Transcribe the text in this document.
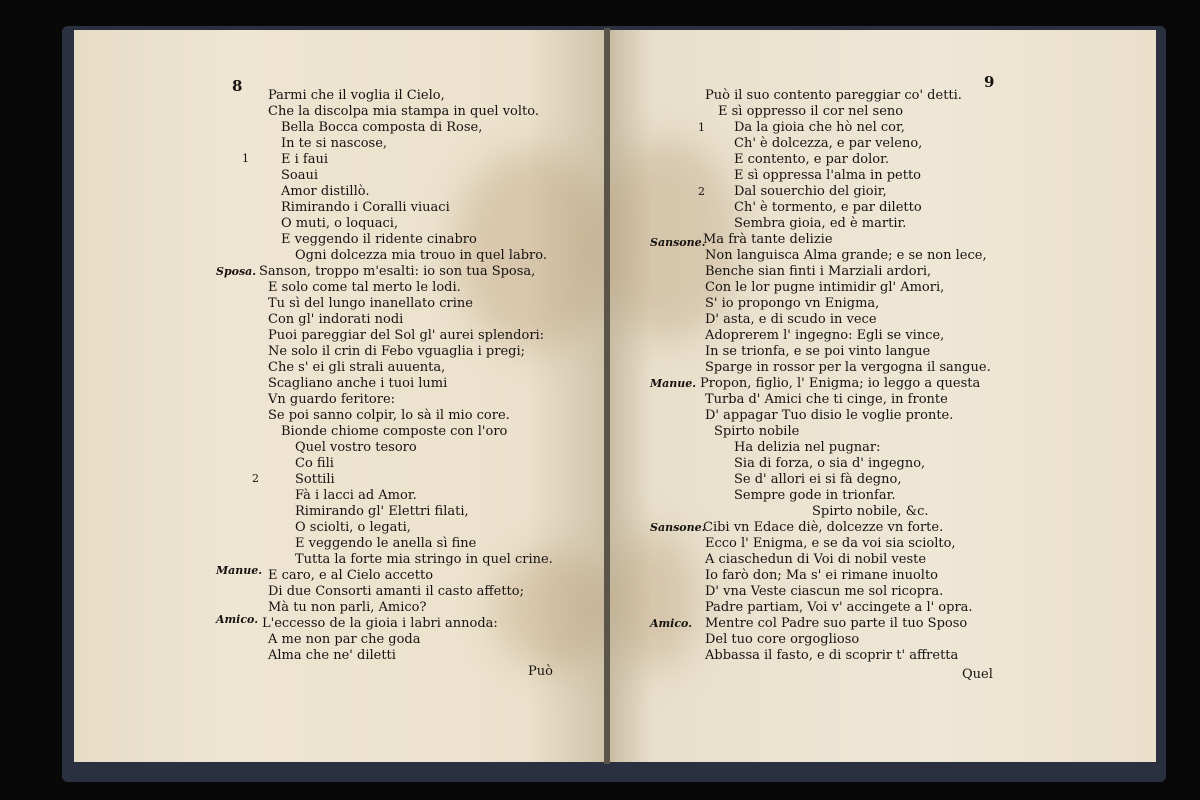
8	9
Può	Quel
Sposa.
Manue.
Amico.
1
2
Sansone.
Manue.
Sansone.
Amico.
1
2
Parmi che il voglia il Cielo,
Che la discolpa mia stampa in quel volto.
Bella Bocca composta di Rose,
In te si nascose,
E i faui
Soaui
Amor distillò.
Rimirando i Coralli viuaci
O muti, o loquaci,
E veggendo il ridente cinabro
Ogni dolcezza mia trouo in quel labro.
Sanson, troppo m'esalti: io son tua Sposa,
E solo come tal merto le lodi.
Tu sì del lungo inanellato crine
Con gl' indorati nodi
Puoi pareggiar del Sol gl' aurei splendori:
Ne solo il crin di Febo vguaglia i pregi;
Che s' ei gli strali auuenta,
Scagliano anche i tuoi lumi
Vn guardo feritore:
Se poi sanno colpir, lo sà il mio core.
Bionde chiome composte con l'oro
Quel vostro tesoro
Co fili
Sottili
Fà i lacci ad Amor.
Rimirando gl' Elettri filati,
O sciolti, o legati,
E veggendo le anella sì fine
Tutta la forte mia stringo in quel crine.
E caro, e al Cielo accetto
Di due Consorti amanti il casto affetto;
Mà tu non parli, Amico?
L'eccesso de la gioia i labri annoda:
A me non par che goda
Alma che ne' diletti
Può il suo contento pareggiar co' detti.
E sì oppresso il cor nel seno
Da la gioia che hò nel cor,
Ch' è dolcezza, e par veleno,
E contento, e par dolor.
E sì oppressa l'alma in petto
Dal souerchio del gioir,
Ch' è tormento, e par diletto
Sembra gioia, ed è martir.
Ma frà tante delizie
Non languisca Alma grande; e se non lece,
Benche sian finti i Marziali ardori,
Con le lor pugne intimidir gl' Amori,
S' io propongo vn Enigma,
D' asta, e di scudo in vece
Adoprerem l' ingegno: Egli se vince,
In se trionfa, e se poi vinto langue
Sparge in rossor per la vergogna il sangue.
Propon, figlio, l' Enigma; io leggo a questa
Turba d' Amici che ti cinge, in fronte
D' appagar Tuo disio le voglie pronte.
Spirto nobile
Ha delizia nel pugnar:
Sia di forza, o sia d' ingegno,
Se d' allori ei si fà degno,
Sempre gode in trionfar.
Spirto nobile, &c.
Cibi vn Edace diè, dolcezze vn forte.
Ecco l' Enigma, e se da voi sia sciolto,
A ciaschedun di Voi di nobil veste
Io farò don; Ma s' ei rimane inuolto
D' vna Veste ciascun me sol ricopra.
Padre partiam, Voi v' accingete a l' opra.
Mentre col Padre suo parte il tuo Sposo
Del tuo core orgoglioso
Abbassa il fasto, e di scoprir t' affretta
